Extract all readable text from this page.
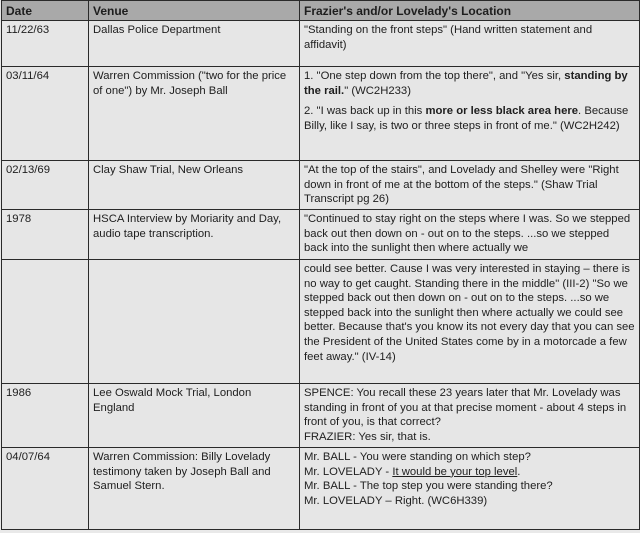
Date	Venue	Frazier's and/or Lovelady's Location
11/22/63	Dallas Police Department	"Standing on the front steps" (Hand written statement and affidavit)

03/11/64	Warren Commission ("two for the price of one") by Mr. Joseph Ball	1. "One step down from the top there", and "Yes sir, standing by the rail." (WC2H233)

2. "I was back up in this more or less black area here. Because Billy, like I say, is two or three steps in front of me." (WC2H242)

02/13/69	Clay Shaw Trial, New Orleans	"At the top of the stairs", and Lovelady and Shelley were "Right down in front of me at the bottom of the steps." (Shaw Trial Transcript pg 26)

1978	HSCA Interview by Moriarity and Day, audio tape transcription.	"Continued to stay right on the steps where I was. So we stepped back out then down on - out on to the steps. ...so we stepped back into the sunlight then where actually we

		could see better. Cause I was very interested in staying – there is no way to get caught. Standing there in the middle" (III-2) "So we stepped back out then down on - out on to the steps. ...so we stepped back into the sunlight then where actually we could see better. Because that's you know its not every day that you can see the President of the United States come by in a motorcade a few feet away." (IV-14)

1986	Lee Oswald Mock Trial, London England	SPENCE: You recall these 23 years later that Mr. Lovelady was standing in front of you at that precise moment - about 4 steps in front of you, is that correct?

FRAZIER: Yes sir, that is.

04/07/64	Warren Commission: Billy Lovelady testimony taken by Joseph Ball and Samuel Stern.	Mr. BALL - You were standing on which step?

Mr. LOVELADY - It would be your top level.

Mr. BALL - The top step you were standing there?

Mr. LOVELADY – Right. (WC6H339)
